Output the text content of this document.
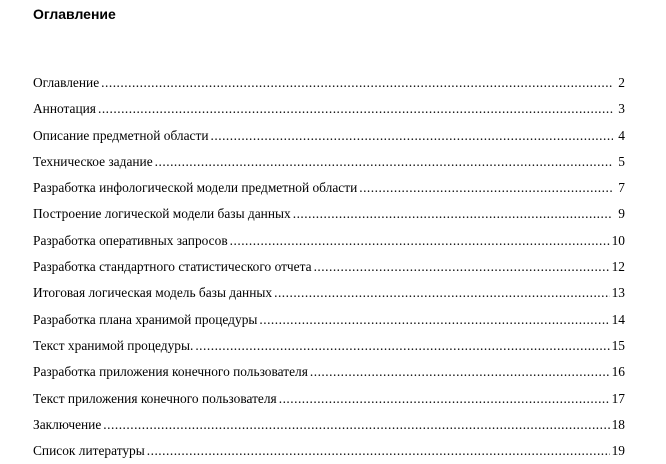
Оглавление
Оглавление .....	2
Аннотация .....	3
Описание предметной области .....	4
Техническое задание .....	5
Разработка инфологической модели предметной области .....	7
Построение логической модели базы данных .....	9
Разработка оперативных запросов .....	10
Разработка стандартного статистического отчета .....	12
Итоговая логическая модель базы данных .....	13
Разработка плана хранимой процедуры .....	14
Текст хранимой процедуры. .....	15
Разработка приложения конечного пользователя .....	16
Текст приложения конечного пользователя .....	17
Заключение .....	18
Список литературы .....	19
